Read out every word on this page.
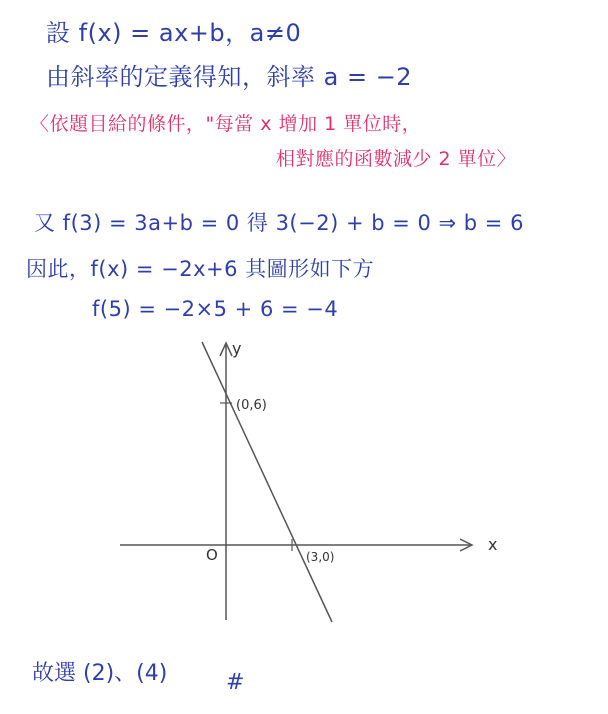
設 f(x) = ax+b，a≠0
由斜率的定義得知，斜率 a = −2
〈依題目給的條件，"每當 x 增加 1 單位時，
相對應的函數減少 2 單位〉
又 f(3) = 3a+b = 0 得 3(−2) + b = 0 ⇒ b = 6
因此，f(x) = −2x+6 其圖形如下方
f(5) = −2×5 + 6 = −4
y
x
O
(0,6)
(3,0)
故選 (2)、(4)	#
